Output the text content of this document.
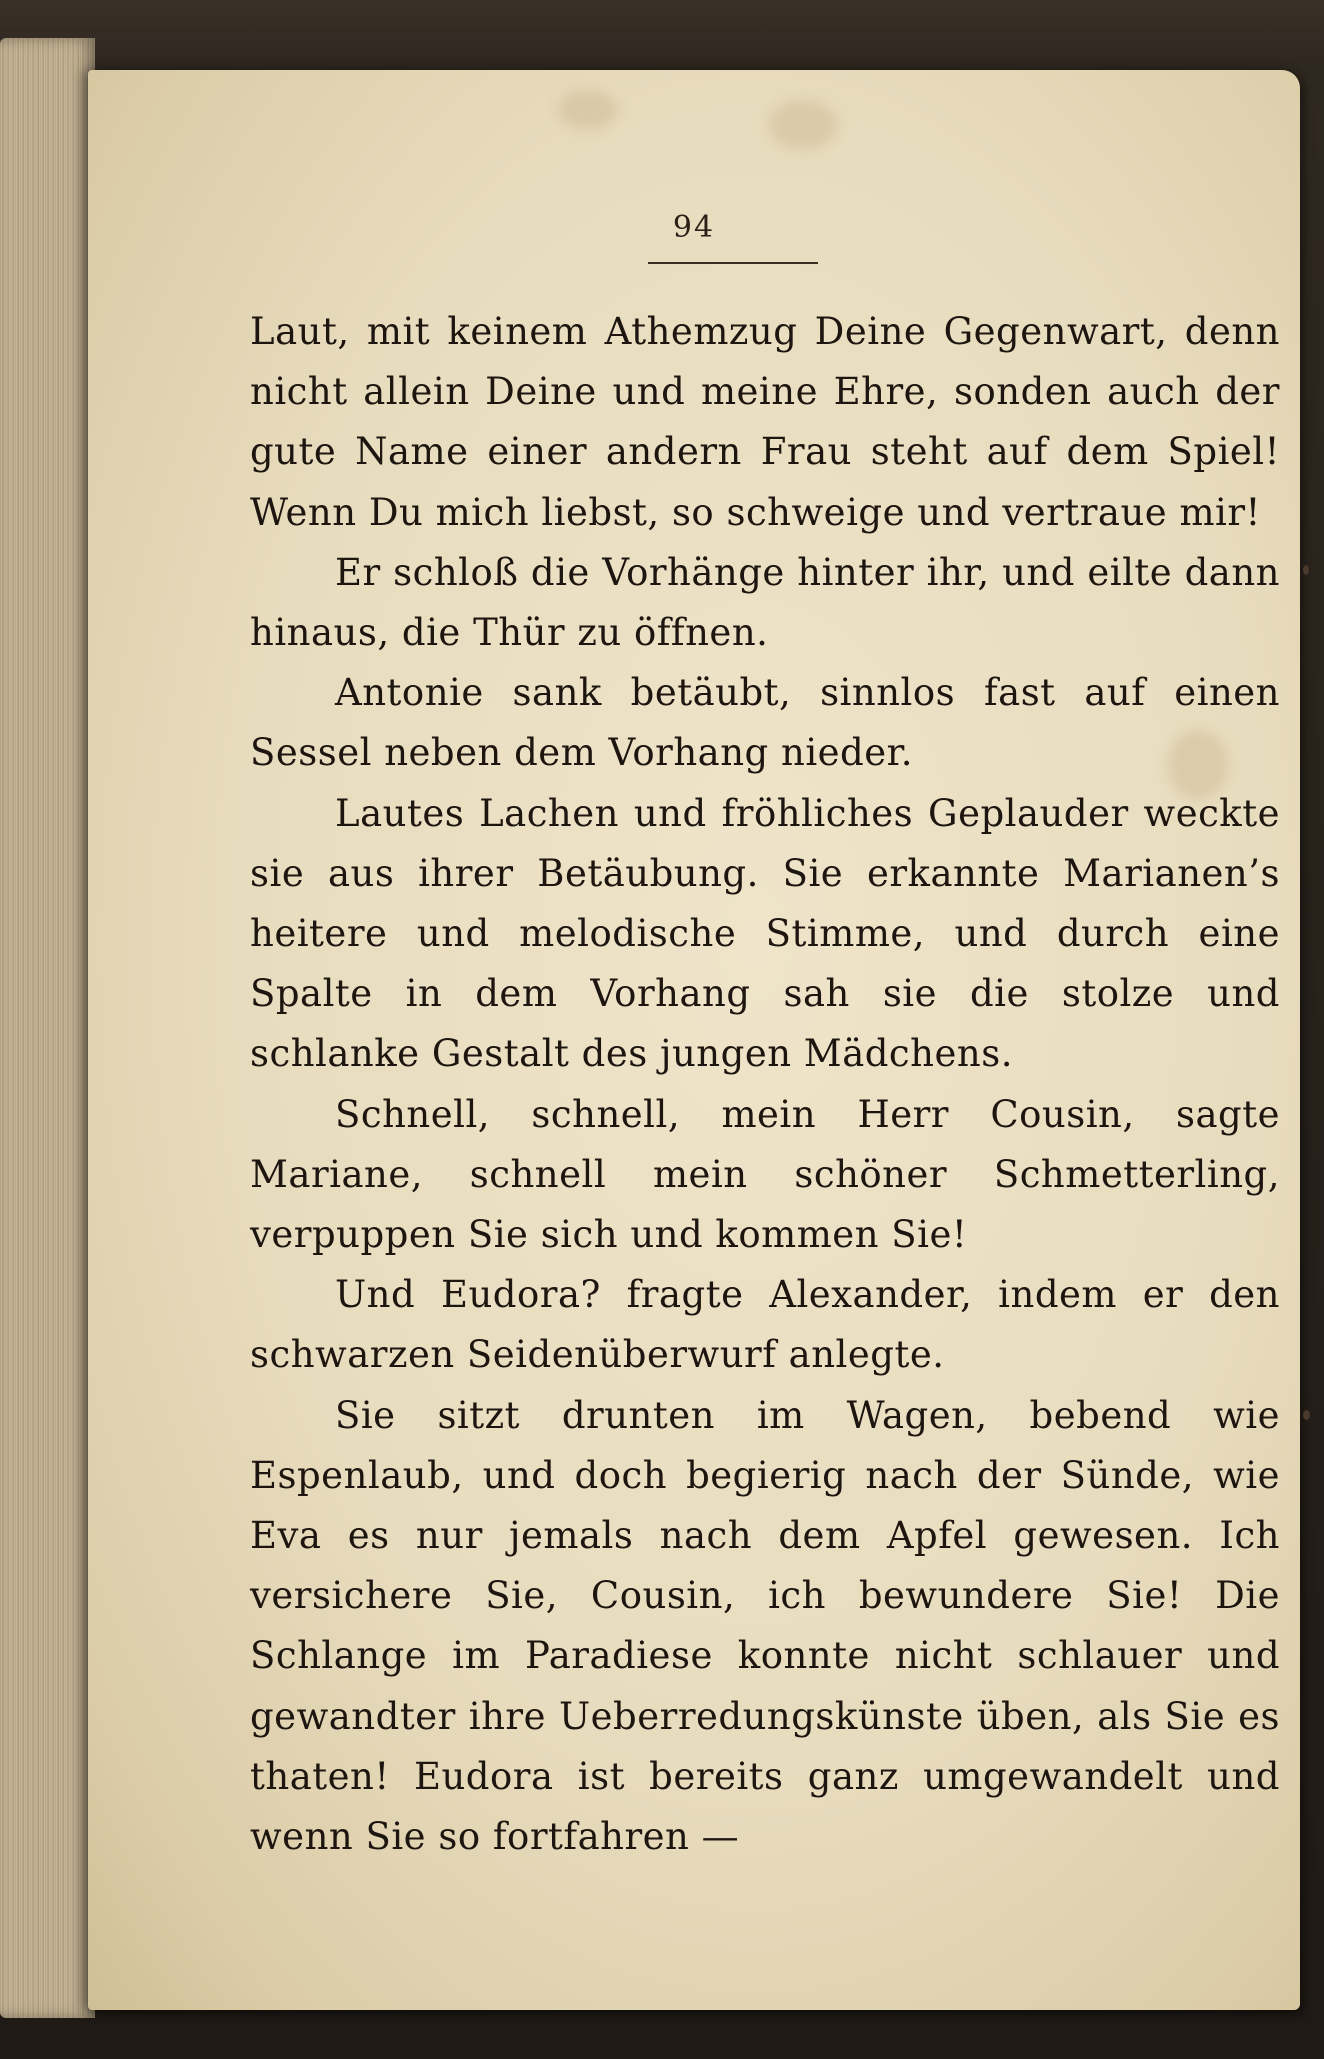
94

Laut, mit keinem Athemzug Deine Gegenwart, denn nicht allein Deine und meine Ehre, sonden auch der gute Name einer andern Frau steht auf dem Spiel! Wenn Du mich liebst, so schweige und vertraue mir!

Er schloß die Vorhänge hinter ihr, und eilte dann hinaus, die Thür zu öffnen.

Antonie sank betäubt, sinnlos fast auf einen Sessel neben dem Vorhang nieder.

Lautes Lachen und fröhliches Geplauder weckte sie aus ihrer Betäubung. Sie erkannte Marianen’s heitere und melodische Stimme, und durch eine Spalte in dem Vorhang sah sie die stolze und schlanke Gestalt des jungen Mädchens.

Schnell, schnell, mein Herr Cousin, sagte Mariane, schnell mein schöner Schmetterling, verpuppen Sie sich und kommen Sie!

Und Eudora? fragte Alexander, indem er den schwarzen Seidenüberwurf anlegte.

Sie sitzt drunten im Wagen, bebend wie Espenlaub, und doch begierig nach der Sünde, wie Eva es nur jemals nach dem Apfel gewesen. Ich versichere Sie, Cousin, ich bewundere Sie! Die Schlange im Paradiese konnte nicht schlauer und gewandter ihre Ueberredungskünste üben, als Sie es thaten! Eudora ist bereits ganz umgewandelt und wenn Sie so fortfahren —
